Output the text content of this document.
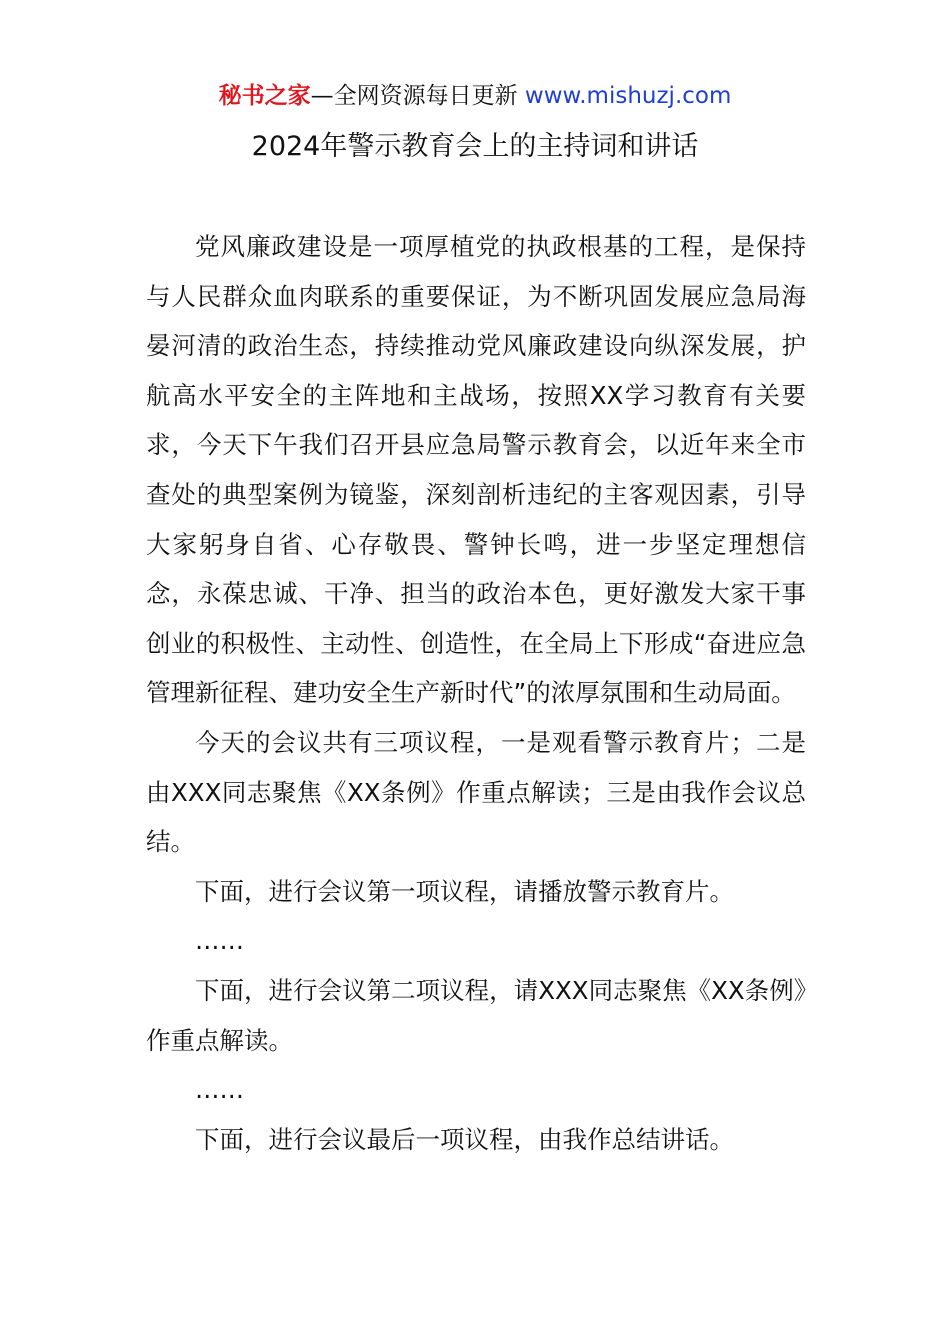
秘书之家—全网资源每日更新 www.mishuzj.com
2024年警示教育会上的主持词和讲话

党风廉政建设是一项厚植党的执政根基的工程，是保持与人民群众血肉联系的重要保证，为不断巩固发展应急局海晏河清的政治生态，持续推动党风廉政建设向纵深发展，护航高水平安全的主阵地和主战场，按照XX学习教育有关要求，今天下午我们召开县应急局警示教育会，以近年来全市查处的典型案例为镜鉴，深刻剖析违纪的主客观因素，引导大家躬身自省、心存敬畏、警钟长鸣，进一步坚定理想信念，永葆忠诚、干净、担当的政治本色，更好激发大家干事创业的积极性、主动性、创造性，在全局上下形成“奋进应急管理新征程、建功安全生产新时代”的浓厚氛围和生动局面。

今天的会议共有三项议程，一是观看警示教育片；二是由XXX同志聚焦《XX条例》作重点解读；三是由我作会议总结。

下面，进行会议第一项议程，请播放警示教育片。

……

下面，进行会议第二项议程，请XXX同志聚焦《XX条例》作重点解读。

……

下面，进行会议最后一项议程，由我作总结讲话。
